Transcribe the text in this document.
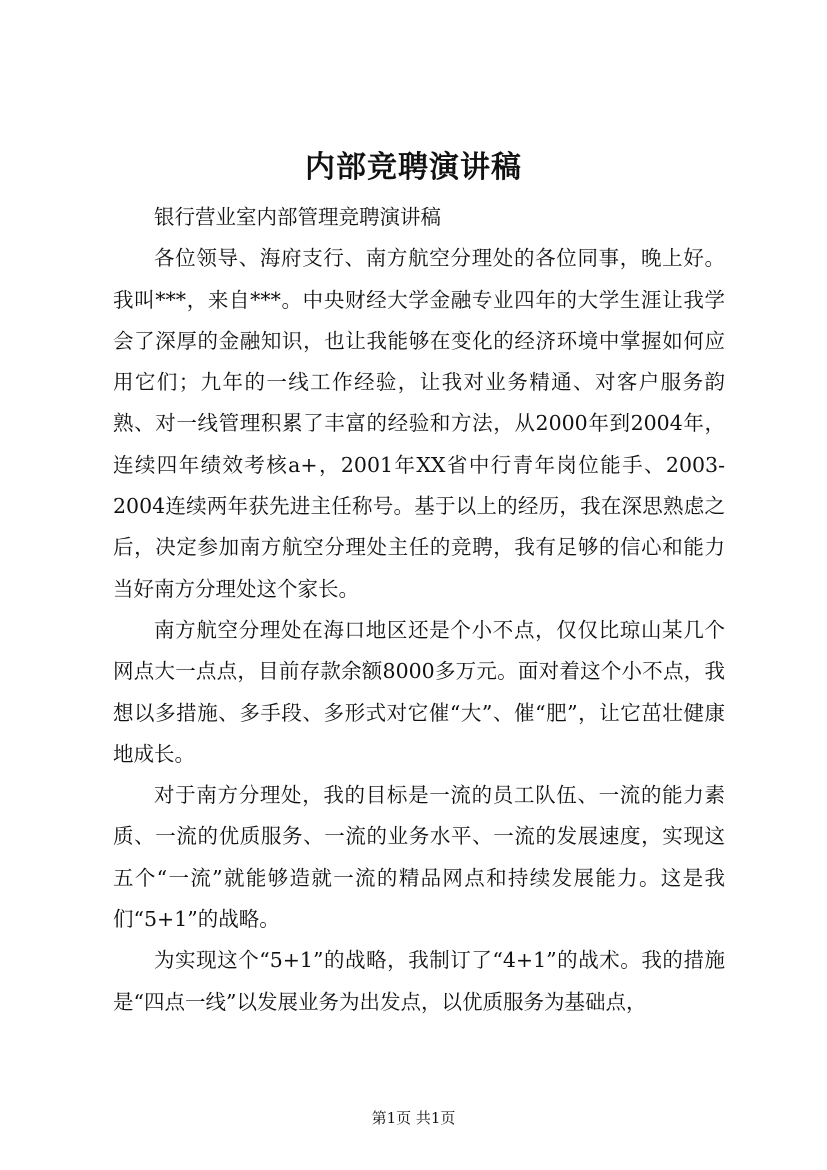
内部竞聘演讲稿

银行营业室内部管理竞聘演讲稿

各位领导、海府支行、南方航空分理处的各位同事，晚上好。我叫***，来自***。中央财经大学金融专业四年的大学生涯让我学会了深厚的金融知识，也让我能够在变化的经济环境中掌握如何应用它们；九年的一线工作经验，让我对业务精通、对客户服务韵熟、对一线管理积累了丰富的经验和方法，从2000年到2004年，连续四年绩效考核a+，2001年XX省中行青年岗位能手、2003-2004连续两年获先进主任称号。基于以上的经历，我在深思熟虑之后，决定参加南方航空分理处主任的竞聘，我有足够的信心和能力当好南方分理处这个家长。

南方航空分理处在海口地区还是个小不点，仅仅比琼山某几个网点大一点点，目前存款余额8000多万元。面对着这个小不点，我想以多措施、多手段、多形式对它催“大”、催“肥”，让它茁壮健康地成长。

对于南方分理处，我的目标是一流的员工队伍、一流的能力素质、一流的优质服务、一流的业务水平、一流的发展速度，实现这五个“一流”就能够造就一流的精品网点和持续发展能力。这是我们“5+1”的战略。

为实现这个“5+1”的战略，我制订了“4+1”的战术。我的措施是“四点一线”以发展业务为出发点，以优质服务为基础点，

第1页 共1页
